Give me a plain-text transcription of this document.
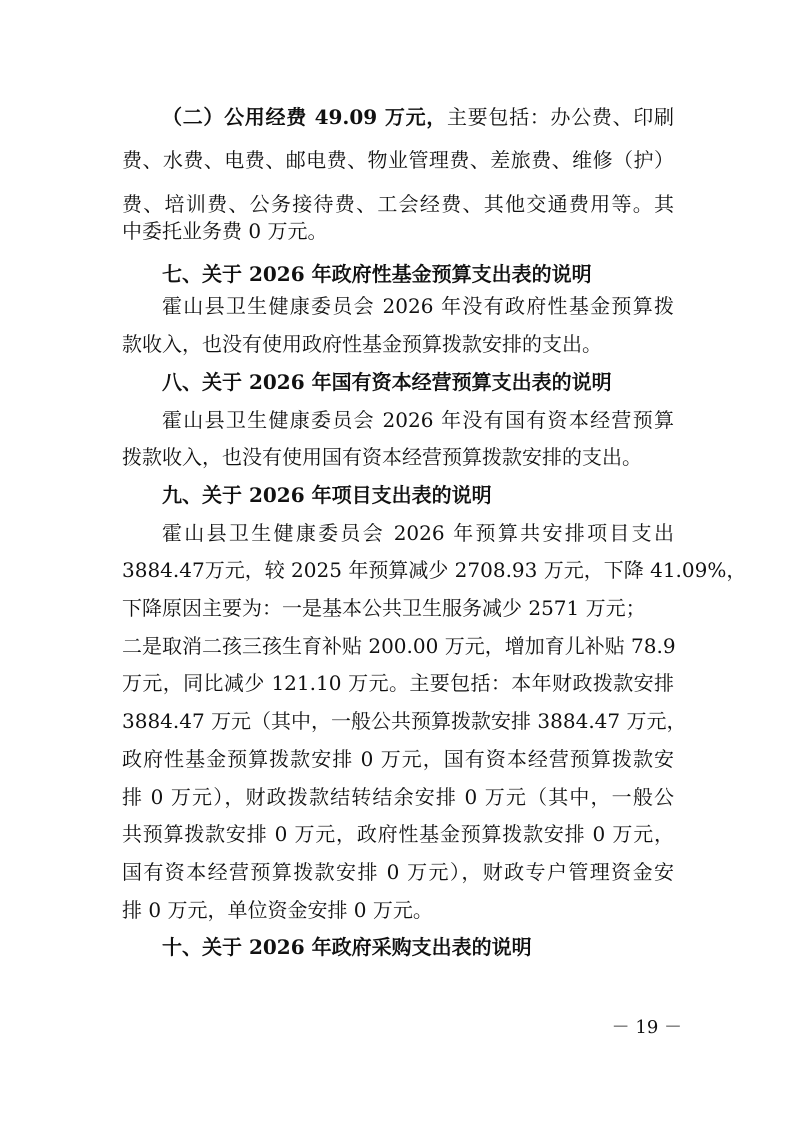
（二）公用经费 49.09 万元，主要包括：办公费、印刷
费、水费、电费、邮电费、物业管理费、差旅费、维修（护）
费、培训费、公务接待费、工会经费、其他交通费用等。其
中委托业务费 0 万元。
七、关于 2026 年政府性基金预算支出表的说明
霍山县卫生健康委员会 2026 年没有政府性基金预算拨
款收入，也没有使用政府性基金预算拨款安排的支出。
八、关于 2026 年国有资本经营预算支出表的说明
霍山县卫生健康委员会 2026 年没有国有资本经营预算
拨款收入，也没有使用国有资本经营预算拨款安排的支出。
九、关于 2026 年项目支出表的说明
霍山县卫生健康委员会 2026 年预算共安排项目支出
3884.47万元，较 2025 年预算减少 2708.93 万元，下降 41.09%，
下降原因主要为：一是基本公共卫生服务减少 2571 万元；
二是取消二孩三孩生育补贴 200.00 万元，增加育儿补贴 78.9
万元，同比减少 121.10 万元。主要包括：本年财政拨款安排
3884.47 万元（其中，一般公共预算拨款安排 3884.47 万元，
政府性基金预算拨款安排 0 万元，国有资本经营预算拨款安
排 0 万元），财政拨款结转结余安排 0 万元（其中，一般公
共预算拨款安排 0 万元，政府性基金预算拨款安排 0 万元，
国有资本经营预算拨款安排 0 万元），财政专户管理资金安
排 0 万元，单位资金安排 0 万元。
十、关于 2026 年政府采购支出表的说明
－ 19 －
